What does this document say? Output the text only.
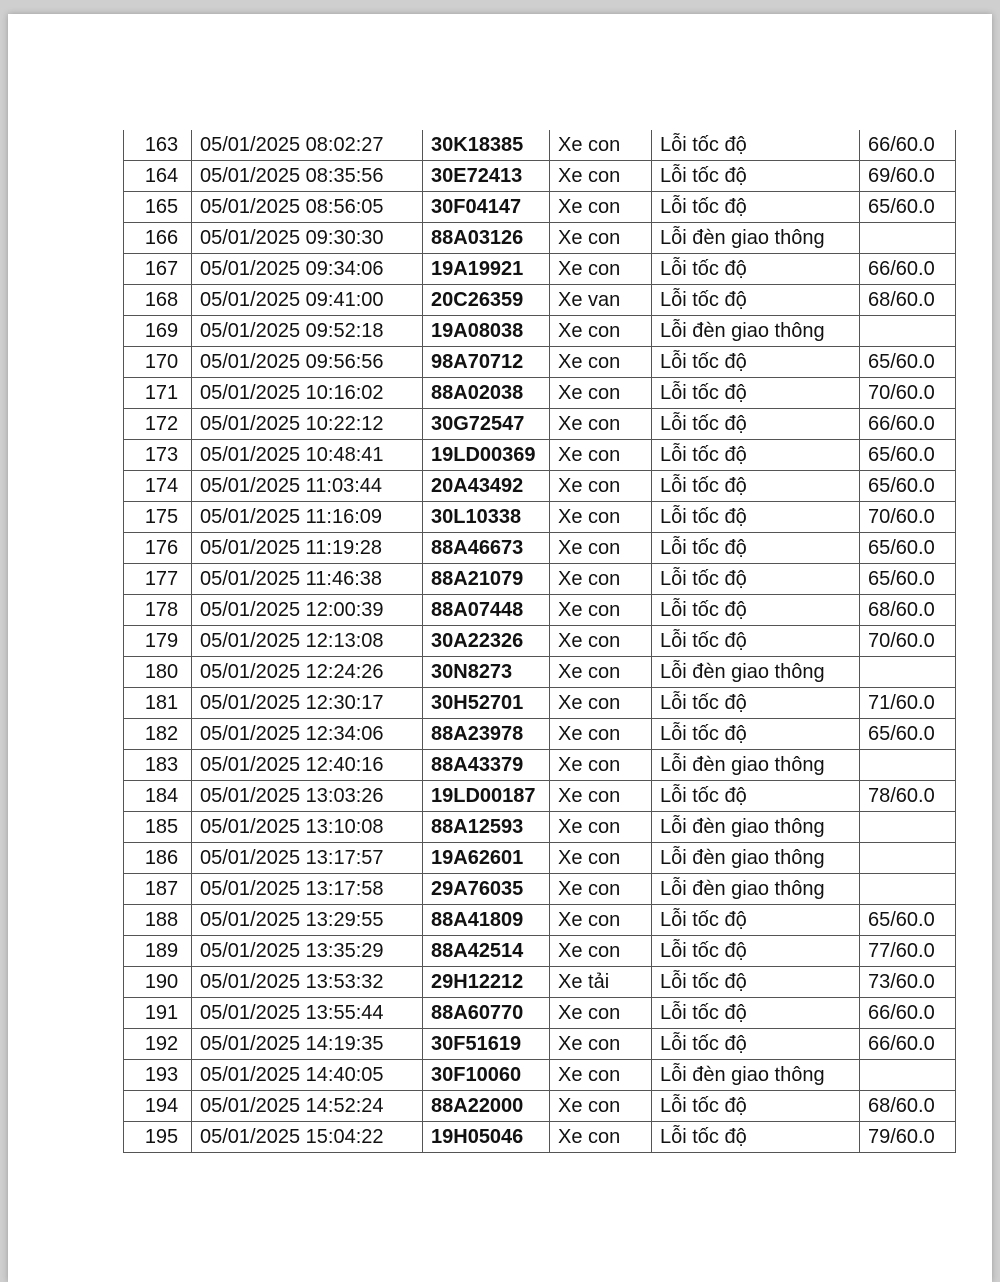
163	05/01/2025 08:02:27	30K18385	Xe con	Lỗi tốc độ	66/60.0
164	05/01/2025 08:35:56	30E72413	Xe con	Lỗi tốc độ	69/60.0
165	05/01/2025 08:56:05	30F04147	Xe con	Lỗi tốc độ	65/60.0
166	05/01/2025 09:30:30	88A03126	Xe con	Lỗi đèn giao thông	
167	05/01/2025 09:34:06	19A19921	Xe con	Lỗi tốc độ	66/60.0
168	05/01/2025 09:41:00	20C26359	Xe van	Lỗi tốc độ	68/60.0
169	05/01/2025 09:52:18	19A08038	Xe con	Lỗi đèn giao thông	
170	05/01/2025 09:56:56	98A70712	Xe con	Lỗi tốc độ	65/60.0
171	05/01/2025 10:16:02	88A02038	Xe con	Lỗi tốc độ	70/60.0
172	05/01/2025 10:22:12	30G72547	Xe con	Lỗi tốc độ	66/60.0
173	05/01/2025 10:48:41	19LD00369	Xe con	Lỗi tốc độ	65/60.0
174	05/01/2025 11:03:44	20A43492	Xe con	Lỗi tốc độ	65/60.0
175	05/01/2025 11:16:09	30L10338	Xe con	Lỗi tốc độ	70/60.0
176	05/01/2025 11:19:28	88A46673	Xe con	Lỗi tốc độ	65/60.0
177	05/01/2025 11:46:38	88A21079	Xe con	Lỗi tốc độ	65/60.0
178	05/01/2025 12:00:39	88A07448	Xe con	Lỗi tốc độ	68/60.0
179	05/01/2025 12:13:08	30A22326	Xe con	Lỗi tốc độ	70/60.0
180	05/01/2025 12:24:26	30N8273	Xe con	Lỗi đèn giao thông	
181	05/01/2025 12:30:17	30H52701	Xe con	Lỗi tốc độ	71/60.0
182	05/01/2025 12:34:06	88A23978	Xe con	Lỗi tốc độ	65/60.0
183	05/01/2025 12:40:16	88A43379	Xe con	Lỗi đèn giao thông	
184	05/01/2025 13:03:26	19LD00187	Xe con	Lỗi tốc độ	78/60.0
185	05/01/2025 13:10:08	88A12593	Xe con	Lỗi đèn giao thông	
186	05/01/2025 13:17:57	19A62601	Xe con	Lỗi đèn giao thông	
187	05/01/2025 13:17:58	29A76035	Xe con	Lỗi đèn giao thông	
188	05/01/2025 13:29:55	88A41809	Xe con	Lỗi tốc độ	65/60.0
189	05/01/2025 13:35:29	88A42514	Xe con	Lỗi tốc độ	77/60.0
190	05/01/2025 13:53:32	29H12212	Xe tải	Lỗi tốc độ	73/60.0
191	05/01/2025 13:55:44	88A60770	Xe con	Lỗi tốc độ	66/60.0
192	05/01/2025 14:19:35	30F51619	Xe con	Lỗi tốc độ	66/60.0
193	05/01/2025 14:40:05	30F10060	Xe con	Lỗi đèn giao thông	
194	05/01/2025 14:52:24	88A22000	Xe con	Lỗi tốc độ	68/60.0
195	05/01/2025 15:04:22	19H05046	Xe con	Lỗi tốc độ	79/60.0
